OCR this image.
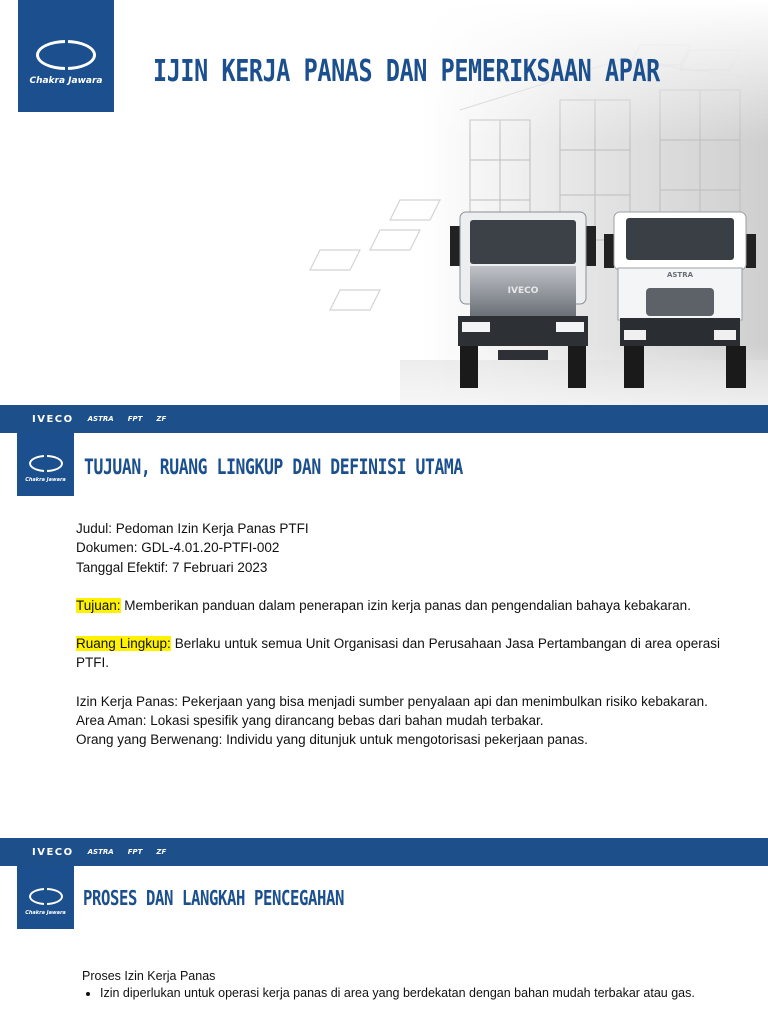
IVECO
ASTRA
Chakra Jawara IJIN KERJA PANAS DAN PEMERIKSAAN APAR
IVECO ASTRA FPT ZF
Chakra Jawara
TUJUAN, RUANG LINGKUP DAN DEFINISI UTAMA

Judul: Pedoman Izin Kerja Panas PTFI

Dokumen: GDL-4.01.20-PTFI-002

Tanggal Efektif: 7 Februari 2023

Tujuan: Memberikan panduan dalam penerapan izin kerja panas dan pengendalian bahaya kebakaran.

Ruang Lingkup: Berlaku untuk semua Unit Organisasi dan Perusahaan Jasa Pertambangan di area operasi PTFI.

Izin Kerja Panas: Pekerjaan yang bisa menjadi sumber penyalaan api dan menimbulkan risiko kebakaran.

Area Aman: Lokasi spesifik yang dirancang bebas dari bahan mudah terbakar.

Orang yang Berwenang: Individu yang ditunjuk untuk mengotorisasi pekerjaan panas.

IVECO ASTRA FPT ZF
Chakra Jawara
PROSES DAN LANGKAH PENCEGAHAN

Proses Izin Kerja Panas

• Izin diperlukan untuk operasi kerja panas di area yang berdekatan dengan bahan mudah terbakar atau gas.
